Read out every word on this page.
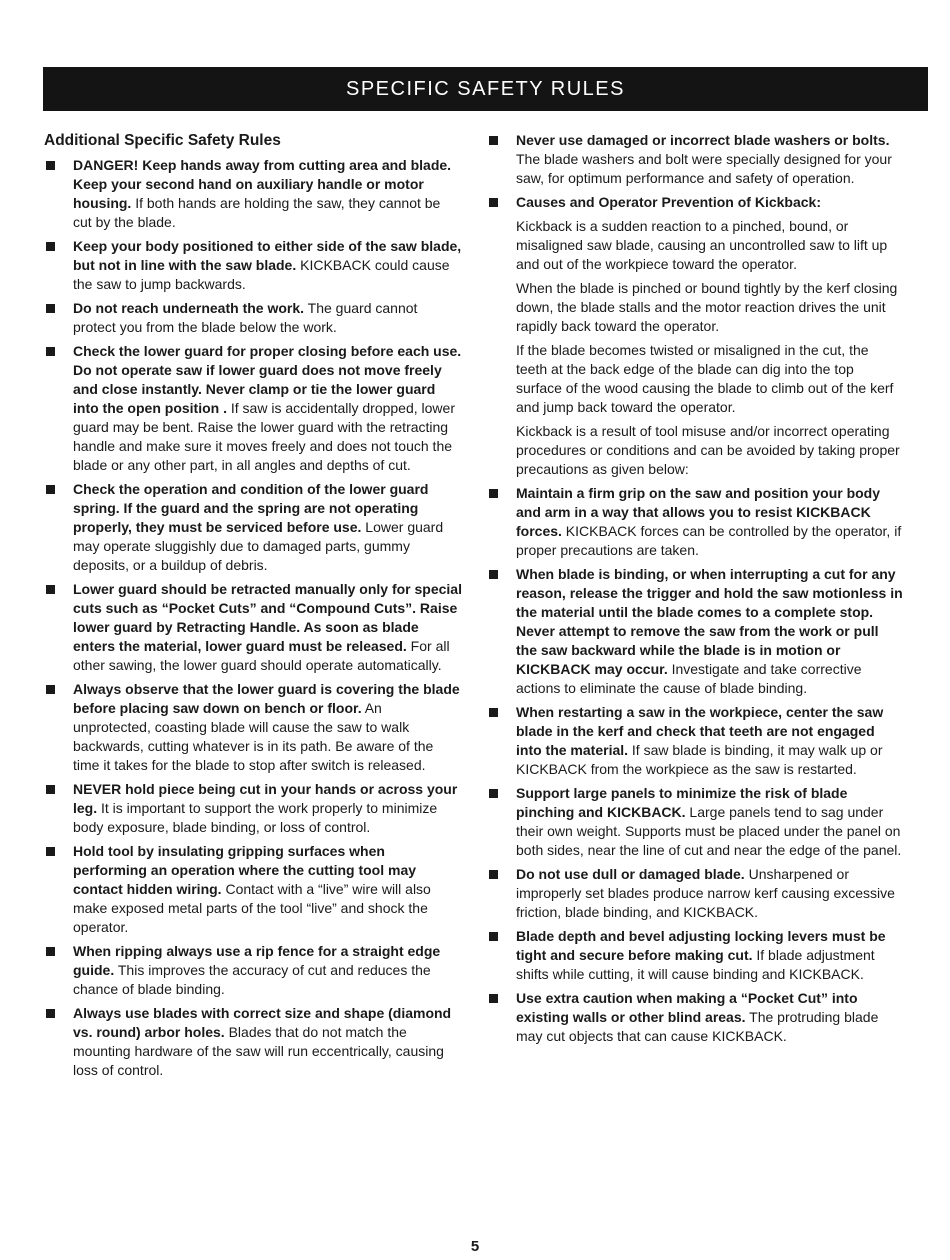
SPECIFIC SAFETY RULES
Additional Specific Safety Rules
DANGER! Keep hands away from cutting area and blade. Keep your second hand on auxiliary handle or motor housing. If both hands are holding the saw, they cannot be cut by the blade.
Keep your body positioned to either side of the saw blade, but not in line with the saw blade. KICKBACK could cause the saw to jump backwards.
Do not reach underneath the work. The guard cannot protect you from the blade below the work.
Check the lower guard for proper closing before each use. Do not operate saw if lower guard does not move freely and close instantly. Never clamp or tie the lower guard into the open position . If saw is accidentally dropped, lower guard may be bent. Raise the lower guard with the retracting handle and make sure it moves freely and does not touch the blade or any other part, in all angles and depths of cut.
Check the operation and condition of the lower guard spring. If the guard and the spring are not operating properly, they must be serviced before use. Lower guard may operate sluggishly due to damaged parts, gummy deposits, or a buildup of debris.
Lower guard should be retracted manually only for special cuts such as “Pocket Cuts” and “Compound Cuts”. Raise lower guard by Retracting Handle. As soon as blade enters the material, lower guard must be released. For all other sawing, the lower guard should operate automatically.
Always observe that the lower guard is covering the blade before placing saw down on bench or floor. An unprotected, coasting blade will cause the saw to walk backwards, cutting whatever is in its path. Be aware of the time it takes for the blade to stop after switch is released.
NEVER hold piece being cut in your hands or across your leg. It is important to support the work properly to minimize body exposure, blade binding, or loss of control.
Hold tool by insulating gripping surfaces when performing an operation where the cutting tool may contact hidden wiring. Contact with a “live” wire will also make exposed metal parts of the tool “live” and shock the operator.
When ripping always use a rip fence for a straight edge guide. This improves the accuracy of cut and reduces the chance of blade binding.
Always use blades with correct size and shape (diamond vs. round) arbor holes. Blades that do not match the mounting hardware of the saw will run eccentrically, causing loss of control.
Never use damaged or incorrect blade washers or bolts. The blade washers and bolt were specially designed for your saw, for optimum performance and safety of operation.
Causes and Operator Prevention of Kickback:
Kickback is a sudden reaction to a pinched, bound, or misaligned saw blade, causing an uncontrolled saw to lift up and out of the workpiece toward the operator.
When the blade is pinched or bound tightly by the kerf closing down, the blade stalls and the motor reaction drives the unit rapidly back toward the operator.
If the blade becomes twisted or misaligned in the cut, the teeth at the back edge of the blade can dig into the top surface of the wood causing the blade to climb out of the kerf and jump back toward the operator.
Kickback is a result of tool misuse and/or incorrect operating procedures or conditions and can be avoided by taking proper precautions as given below:
Maintain a firm grip on the saw and position your body and arm in a way that allows you to resist KICKBACK forces. KICKBACK forces can be controlled by the operator, if proper precautions are taken.
When blade is binding, or when interrupting a cut for any reason, release the trigger and hold the saw motionless in the material until the blade comes to a complete stop. Never attempt to remove the saw from the work or pull the saw backward while the blade is in motion or KICKBACK may occur. Investigate and take corrective actions to eliminate the cause of blade binding.
When restarting a saw in the workpiece, center the saw blade in the kerf and check that teeth are not engaged into the material. If saw blade is binding, it may walk up or KICKBACK from the workpiece as the saw is restarted.
Support large panels to minimize the risk of blade pinching and KICKBACK. Large panels tend to sag under their own weight. Supports must be placed under the panel on both sides, near the line of cut and near the edge of the panel.
Do not use dull or damaged blade. Unsharpened or improperly set blades produce narrow kerf causing excessive friction, blade binding, and KICKBACK.
Blade depth and bevel adjusting locking levers must be tight and secure before making cut. If blade adjustment shifts while cutting, it will cause binding and KICKBACK.
Use extra caution when making a “Pocket Cut” into existing walls or other blind areas. The protruding blade may cut objects that can cause KICKBACK.
5
